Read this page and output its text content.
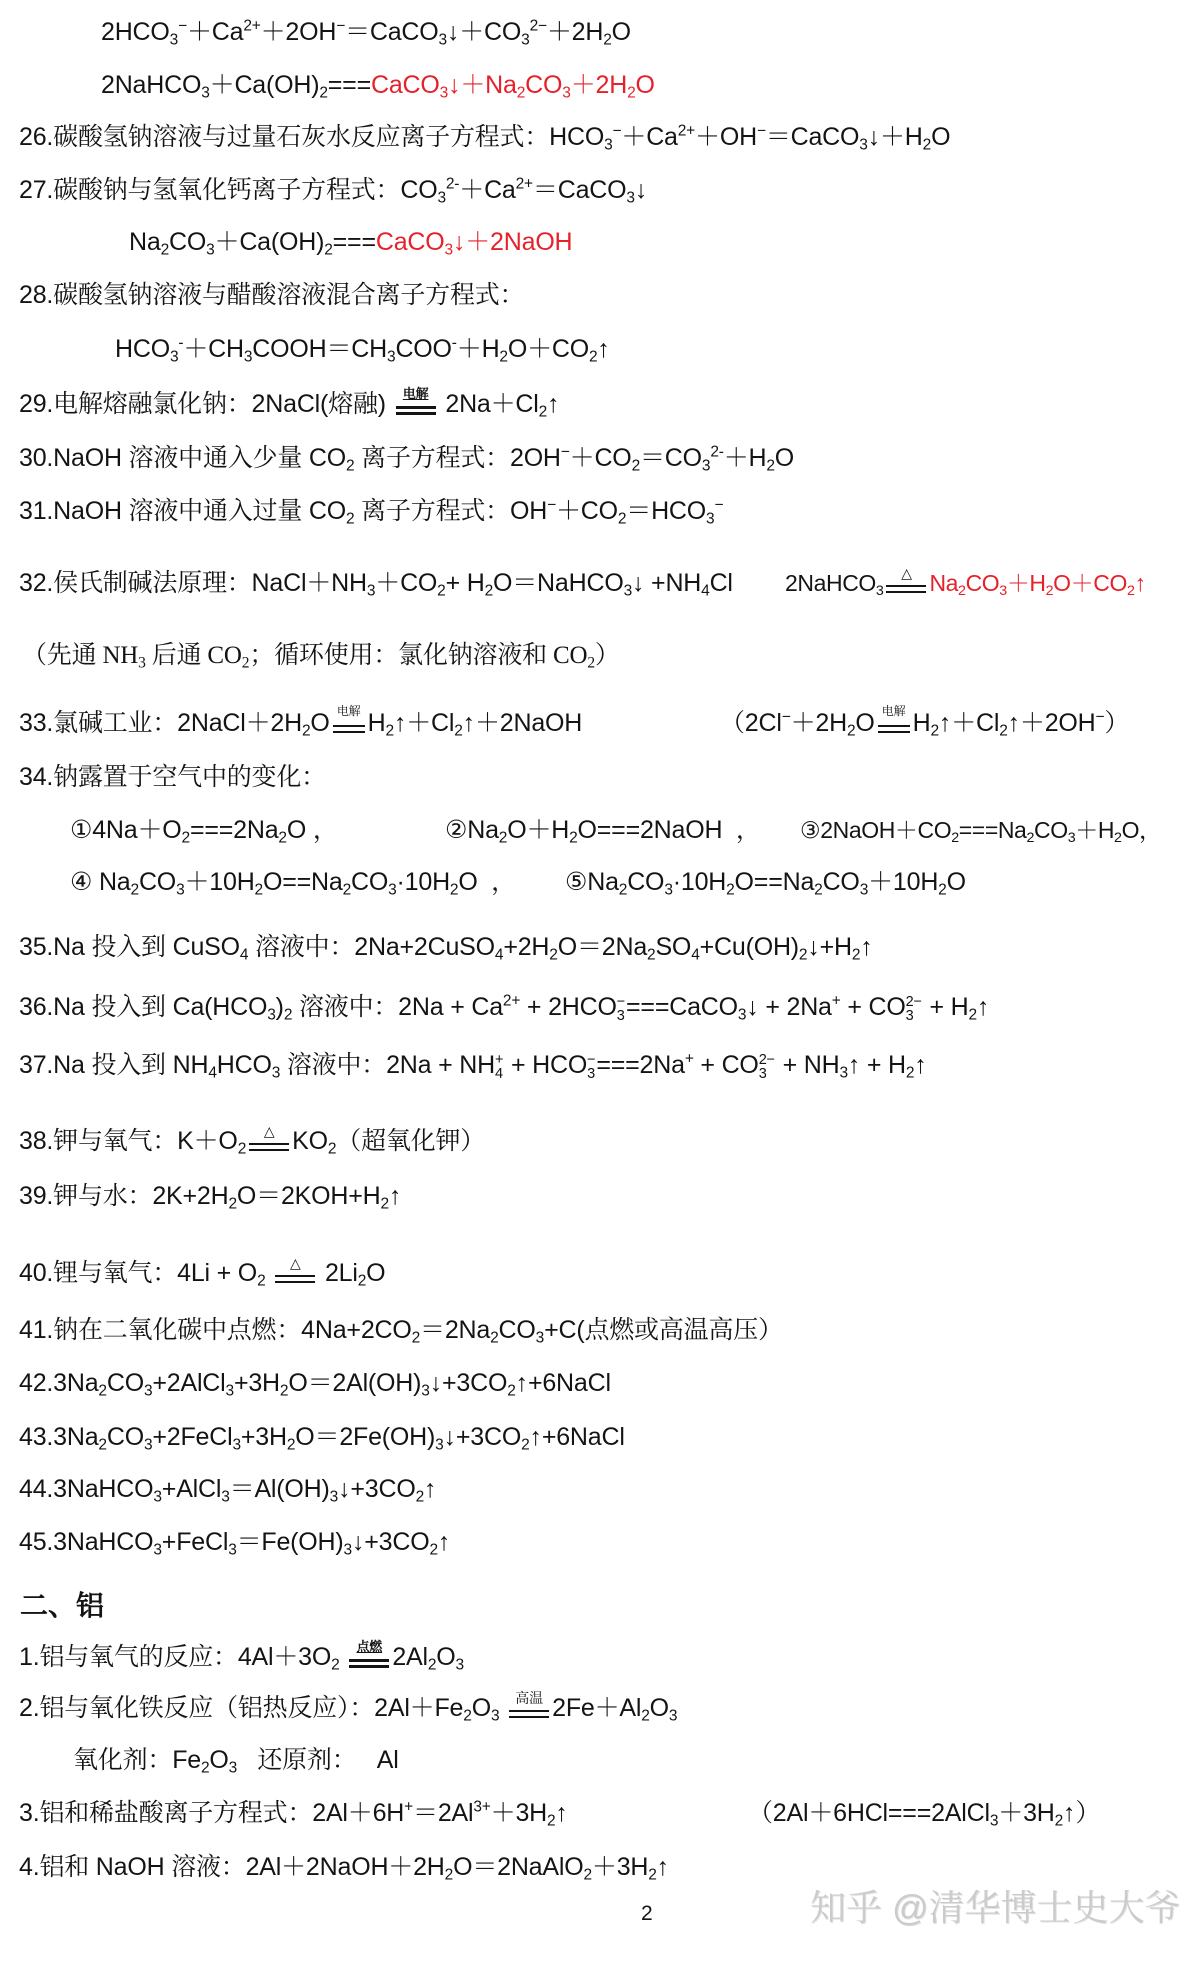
$2HCO_3^-+Ca^{2+}+2OH^-=CaCO_3↓+CO_3^{2-}+2H_2O$
$2NaHCO_3+Ca(OH)_2===CaCO_3↓+Na_2CO_3+2H_2O$
26.碳酸氢钠溶液与过量石灰水反应离子方程式：$HCO_3^-+Ca^{2+}+OH^-=CaCO_3↓+H_2O$
27.碳酸钠与氢氧化钙离子方程式：$CO_3^{2-}+Ca^{2+}=CaCO_3↓$
$Na_2CO_3+Ca(OH)_2===CaCO_3↓+2NaOH$
28.碳酸氢钠溶液与醋酸溶液混合离子方程式：
$HCO_3^-+CH_3COOH=CH_3COO^-+H_2O+CO_2↑$
29.电解熔融氯化钠：2NaCl(熔融) 电解 $2Na+Cl_2↑$
30.NaOH 溶液中通入少量 $CO_2$ 离子方程式：$2OH^-+CO_2=CO_3^{2-}+H_2O$
31.NaOH 溶液中通入过量 $CO_2$ 离子方程式：$OH^-+CO_2=HCO_3^-$
32.侯氏制碱法原理：$NaCl+NH_3+CO_2+$ $H_2O=NaHCO_3↓ +NH_4Cl$ 2NaHCO$_3$
△ $Na_2CO_3+H_2O+CO_2↑$
（先通 $NH_3$ 后通 $CO_2$；循环使用：氯化钠溶液和 $CO_2$）
33.氯碱工业：$2NaCl+2H_2O$ 电解 $H_2↑+Cl_2↑+2NaOH$	（$2Cl^-+2H_2O$ 电解 $H_2↑+Cl_2↑+2OH^-$）
34.钠露置于空气中的变化：
$①4Na+O_2===2Na_2O$ ，	$②Na_2O+H_2O===2NaOH$  ， $③2NaOH+CO_2===Na_2CO_3+H_2O$，
④ $Na_2CO_3+10H_2O==Na_2CO_3\cdot 10H_2O$  ， $⑤Na_2CO_3\cdot 10H_2O==Na_2CO_3+10H_2O$
35.Na 投入到 CuSO$_4$ 溶液中：$2Na+2CuSO_4+2H_2O=2Na_2SO_4+Cu(OH)_2↓+H_2↑$
36.Na 投入到 $Ca(HCO_3)_2$ 溶液中：$2Na + Ca^{2+} + 2HCO$ −
3 ===CaCO$_3$↓ + 2Na+ + CO 2−
$3 + H_2↑$
37.Na 投入到 $NH_4HCO_3$ 溶液中：2Na + NH +
4 + HCO −
3 ===2Na+ + CO 2−
$3 + NH_3↑$ + $H_2↑$
38.钾与氧气：$K+O_2$
△ $KO_2$（超氧化钾）
39.钾与水：$2K+2H_2O=2KOH+H_2↑$
40.锂与氧气：$4Li + O_2$
△ $2Li_2O$
41.钠在二氧化碳中点燃：$4Na+2CO_2=2Na_2CO_3+C$(点燃或高温高压）
$42.3Na_2CO_3+2AlCl_3+3H_2O=2Al(OH)_3↓+3CO_2↑+6NaCl$
$43.3Na_2CO_3+2FeCl_3+3H_2O=2Fe(OH)_3↓+3CO_2↑+6NaCl$
$44.3NaHCO_3+AlCl_3=Al(OH)_3↓+3CO_2↑$
$45.3NaHCO_3+FeCl_3=Fe(OH)_3↓+3CO_2↑$
二、铝
1.铝与氧气的反应：$4Al+3O_2$
点燃 $2Al_2O_3$
2.铝与氧化铁反应（铝热反应）：$2Al+Fe_2O_3$
高温 $2Fe+Al_2O_3$
氧化剂：$Fe_2O_3$   还原剂：   Al
3.铝和稀盐酸离子方程式：$2Al+6H^+=2Al^{3+}+3H_2↑$	$(2Al+6HCl===2AlCl_3+3H_2↑)$
4.铝和 NaOH 溶液：$2Al+2NaOH+2H_2O=2NaAlO_2+3H_2↑$
2	知乎 @清华博士史大爷
